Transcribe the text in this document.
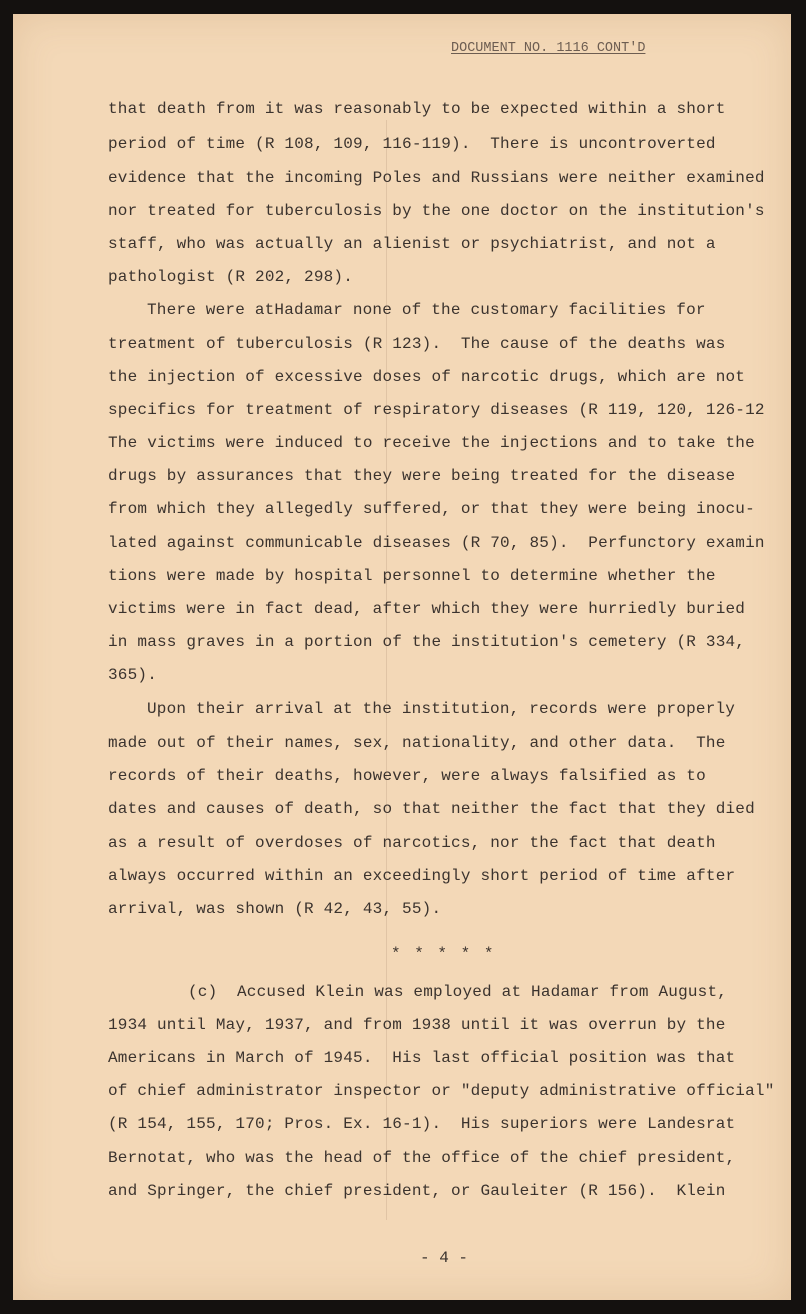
DOCUMENT NO. 1116 CONT'D
that death from it was reasonably to be expected within a short
period of time (R 108, 109, 116-119).  There is uncontroverted
evidence that the incoming Poles and Russians were neither examined
nor treated for tuberculosis by the one doctor on the institution's
staff, who was actually an alienist or psychiatrist, and not a
pathologist (R 202, 298).
There were atHadamar none of the customary facilities for
treatment of tuberculosis (R 123).  The cause of the deaths was
the injection of excessive doses of narcotic drugs, which are not
specifics for treatment of respiratory diseases (R 119, 120, 126-12
The victims were induced to receive the injections and to take the
drugs by assurances that they were being treated for the disease
from which they allegedly suffered, or that they were being inocu-
lated against communicable diseases (R 70, 85).  Perfunctory examin
tions were made by hospital personnel to determine whether the
victims were in fact dead, after which they were hurriedly buried
in mass graves in a portion of the institution's cemetery (R 334,
365).
Upon their arrival at the institution, records were properly
made out of their names, sex, nationality, and other data.  The
records of their deaths, however, were always falsified as to
dates and causes of death, so that neither the fact that they died
as a result of overdoses of narcotics, nor the fact that death
always occurred within an exceedingly short period of time after
arrival, was shown (R 42, 43, 55).
* * * * *
(c)  Accused Klein was employed at Hadamar from August,
1934 until May, 1937, and from 1938 until it was overrun by the
Americans in March of 1945.  His last official position was that
of chief administrator inspector or "deputy administrative official"
(R 154, 155, 170; Pros. Ex. 16-1).  His superiors were Landesrat
Bernotat, who was the head of the office of the chief president,
and Springer, the chief president, or Gauleiter (R 156).  Klein
- 4 -
